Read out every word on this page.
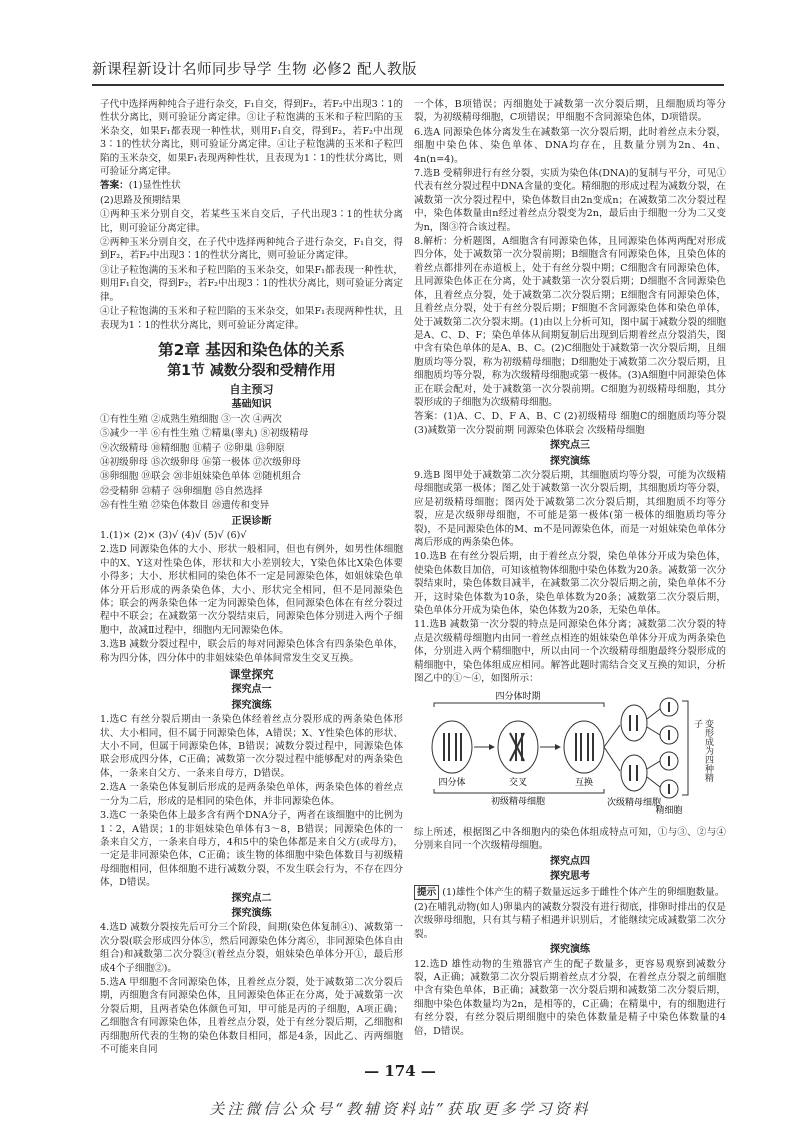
新课程新设计名师同步导学 生物 必修2 配人教版

子代中选择两种纯合子进行杂交，F₁自交，得到F₂，若F₂中出现3∶1的性状分离比，则可验证分离定律。③让子粒饱满的玉米和子粒凹陷的玉米杂交，如果F₁都表现一种性状，则用F₁自交，得到F₂，若F₂中出现3∶1的性状分离比，则可验证分离定律。④让子粒饱满的玉米和子粒凹陷的玉米杂交，如果F₁表现两种性状，且表现为1∶1的性状分离比，则可验证分离定律。

答案：(1)显性性状

(2)思路及预期结果

①两种玉米分别自交，若某些玉米自交后，子代出现3∶1的性状分离比，则可验证分离定律。

②两种玉米分别自交，在子代中选择两种纯合子进行杂交，F₁自交，得到F₂，若F₂中出现3∶1的性状分离比，则可验证分离定律。

③让子粒饱满的玉米和子粒凹陷的玉米杂交，如果F₁都表现一种性状，则用F₁自交，得到F₂，若F₂中出现3∶1的性状分离比，则可验证分离定律。

④让子粒饱满的玉米和子粒凹陷的玉米杂交，如果F₁表现两种性状，且表现为1∶1的性状分离比，则可验证分离定律。

第2章 基因和染色体的关系
第1节 减数分裂和受精作用
自主预习
基础知识

①有性生殖 ②成熟生殖细胞 ③一次 ④两次

⑤减少一半 ⑥有性生殖 ⑦精巢(睾丸) ⑧初级精母

⑨次级精母 ⑩精细胞 ⑪精子 ⑫卵巢 ⑬卵原

⑭初级卵母 ⑮次级卵母 ⑯第一极体 ⑰次级卵母

⑱卵细胞 ⑲联会 ⑳非姐妹染色单体 ㉑随机组合

㉒受精卵 ㉓精子 ㉔卵细胞 ㉕自然选择

㉖有性生殖 ㉗染色体数目 ㉘遗传和变异

正误诊断

1.(1)× (2)× (3)√ (4)√ (5)√ (6)√

2.选D 同源染色体的大小、形状一般相同，但也有例外，如男性体细胞中的X、Y这对性染色体，形状和大小差别较大，Y染色体比X染色体要小得多；大小、形状相同的染色体不一定是同源染色体，如姐妹染色单体分开后形成的两条染色体，大小、形状完全相同，但不是同源染色体；联会的两条染色体一定为同源染色体，但同源染色体在有丝分裂过程中不联会；在减数第一次分裂结束后，同源染色体分别进入两个子细胞中，故减Ⅱ过程中，细胞内无同源染色体。

3.选B 减数分裂过程中，联会后的每对同源染色体含有四条染色单体，称为四分体，四分体中的非姐妹染色单体间常发生交叉互换。

课堂探究
探究点一
探究演练

1.选C 有丝分裂后期由一条染色体经着丝点分裂形成的两条染色体形状、大小相同，但不属于同源染色体，A错误；X、Y性染色体的形状、大小不同，但属于同源染色体，B错误；减数分裂过程中，同源染色体联会形成四分体，C正确；减数第一次分裂过程中能够配对的两条染色体，一条来自父方、一条来自母方，D错误。

2.选A 一条染色体复制后形成的是两条染色单体，两条染色体的着丝点一分为二后，形成的是相同的染色体，并非同源染色体。

3.选C 一条染色体上最多含有两个DNA分子，两者在该细胞中的比例为1∶2，A错误；1的非姐妹染色单体有3～8，B错误；同源染色体的一条来自父方，一条来自母方，4和5中的染色体都是来自父方(或母方)，一定是非同源染色体，C正确；该生物的体细胞中染色体数目与初级精母细胞相同，但体细胞不进行减数分裂，不发生联会行为，不存在四分体，D错误。

探究点二
探究演练

4.选D 减数分裂按先后可分三个阶段，间期(染色体复制④)、减数第一次分裂(联会形成四分体⑤，然后同源染色体分离⑥，非同源染色体自由组合)和减数第二次分裂③(着丝点分裂，姐妹染色单体分开①，最后形成4个子细胞②)。

5.选A 甲细胞不含同源染色体，且着丝点分裂，处于减数第二次分裂后期，丙细胞含有同源染色体，且同源染色体正在分离，处于减数第一次分裂后期，且两者染色体颜色可知，甲可能是丙的子细胞，A项正确；乙细胞含有同源染色体，且着丝点分裂，处于有丝分裂后期，乙细胞和丙细胞所代表的生物的染色体数目相同，都是4条，因此乙、丙两细胞不可能来自同

一个体，B项错误；丙细胞处于减数第一次分裂后期，且细胞质均等分裂，为初级精母细胞，C项错误；甲细胞不含同源染色体，D项错误。

6.选A 同源染色体分离发生在减数第一次分裂后期，此时着丝点未分裂，细胞中染色体、染色单体、DNA均存在，且数量分别为2n、4n、4n(n=4)。

7.选B 受精卵进行有丝分裂，实质为染色体(DNA)的复制与平分，可见①代表有丝分裂过程中DNA含量的变化。精细胞的形成过程为减数分裂，在减数第一次分裂过程中，染色体数目由2n变成n；在减数第二次分裂过程中，染色体数量由n经过着丝点分裂变为2n，最后由于细胞一分为二又变为n，图③符合该过程。

8.解析：分析题图，A细胞含有同源染色体，且同源染色体两两配对形成四分体，处于减数第一次分裂前期；B细胞含有同源染色体，且染色体的着丝点都排列在赤道板上，处于有丝分裂中期；C细胞含有同源染色体，且同源染色体正在分离，处于减数第一次分裂后期；D细胞不含同源染色体，且着丝点分裂，处于减数第二次分裂后期；E细胞含有同源染色体，且着丝点分裂，处于有丝分裂后期；F细胞不含同源染色体和染色单体，处于减数第二次分裂末期。(1)由以上分析可知，图中属于减数分裂的细胞是A、C、D、F；染色单体从间期复制后出现到后期着丝点分裂消失，图中含有染色单体的是A、B、C。(2)C细胞处于减数第一次分裂后期，且细胞质均等分裂，称为初级精母细胞；D细胞处于减数第二次分裂后期，且细胞质均等分裂，称为次级精母细胞或第一极体。(3)A细胞中同源染色体正在联会配对，处于减数第一次分裂前期。C细胞为初级精母细胞，其分裂形成的子细胞为次级精母细胞。

答案：(1)A、C、D、F A、B、C (2)初级精母 细胞C的细胞质均等分裂 (3)减数第一次分裂前期 同源染色体联会 次级精母细胞

探究点三
探究演练

9.选B 图甲处于减数第二次分裂后期，其细胞质均等分裂，可能为次级精母细胞或第一极体；图乙处于减数第一次分裂后期，其细胞质均等分裂，应是初级精母细胞；图丙处于减数第二次分裂后期，其细胞质不均等分裂，应是次级卵母细胞，不可能是第一极体(第一极体的细胞质均等分裂)，不是同源染色体的M、m不是同源染色体，而是一对姐妹染色单体分离后形成的两条染色体。

10.选B 在有丝分裂后期，由于着丝点分裂，染色单体分开成为染色体，使染色体数目加倍，可知该植物体细胞中染色体数为20条。减数第一次分裂结束时，染色体数目减半，在减数第二次分裂后期之前，染色单体不分开，这时染色体数为10条，染色单体数为20条；减数第二次分裂后期，染色单体分开成为染色体，染色体数为20条，无染色单体。

11.选B 减数第一次分裂的特点是同源染色体分离；减数第二次分裂的特点是次级精母细胞内由同一着丝点相连的姐妹染色单体分开成为两条染色体，分别进入两个精细胞中，所以由同一个次级精母细胞最终分裂形成的精细胞中，染色体组成应相同。解答此题时需结合交叉互换的知识，分析图乙中的①～④，如图所示：

四分体时期
四分体	交叉	互换
初级精母细胞	次级精母细胞
精细胞
变形成为四种精子

综上所述，根据图乙中各细胞内的染色体组成特点可知，①与③、②与④分别来自同一个次级精母细胞。

探究点四
探究思考

提示 (1)雄性个体产生的精子数量远远多于雌性个体产生的卵细胞数量。

(2)在哺乳动物(如人)卵巢内的减数分裂没有进行彻底，排卵时排出的仅是次级卵母细胞，只有其与精子相遇并识别后，才能继续完成减数第二次分裂。

探究演练

12.选D 雄性动物的生殖器官产生的配子数量多，更容易观察到减数分裂，A正确；减数第二次分裂后期着丝点才分裂，在着丝点分裂之前细胞中含有染色单体，B正确；减数第一次分裂后期和减数第二次分裂后期，细胞中染色体数量均为2n，是相等的，C正确；在精巢中，有的细胞进行有丝分裂，有丝分裂后期细胞中的染色体数量是精子中染色体数量的4倍，D错误。

— 174 —
关注微信公众号“教辅资料站”获取更多学习资料
